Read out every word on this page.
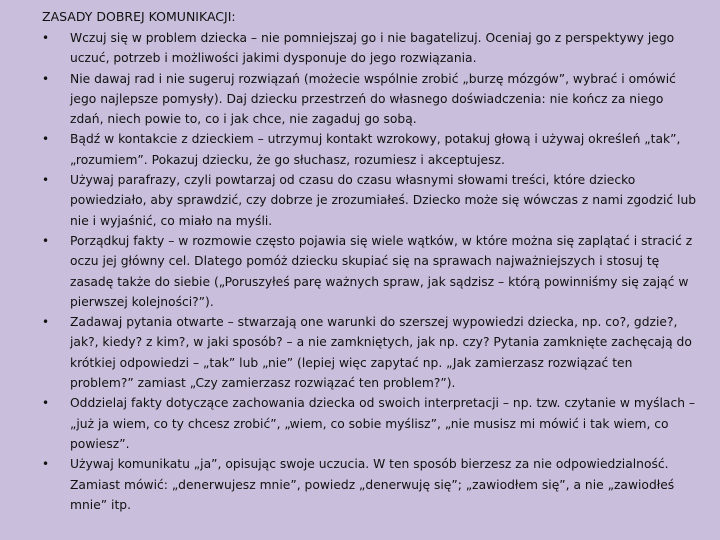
ZASADY DOBREJ KOMUNIKACJI:
• Wczuj się w problem dziecka – nie pomniejszaj go i nie bagatelizuj. Oceniaj go z perspektywy jego uczuć, potrzeb i możliwości jakimi dysponuje do jego rozwiązania.
• Nie dawaj rad i nie sugeruj rozwiązań (możecie wspólnie zrobić „burzę mózgów”, wybrać i omówić jego najlepsze pomysły). Daj dziecku przestrzeń do własnego doświadczenia: nie kończ za niego zdań, niech powie to, co i jak chce, nie zagaduj go sobą.
• Bądź w kontakcie z dzieckiem – utrzymuj kontakt wzrokowy, potakuj głową i używaj określeń „tak”, „rozumiem”. Pokazuj dziecku, że go słuchasz, rozumiesz i akceptujesz.
• Używaj parafrazy, czyli powtarzaj od czasu do czasu własnymi słowami treści, które dziecko powiedziało, aby sprawdzić, czy dobrze je zrozumiałeś. Dziecko może się wówczas z nami zgodzić lub nie i wyjaśnić, co miało na myśli.
• Porządkuj fakty – w rozmowie często pojawia się wiele wątków, w które można się zaplątać i stracić z oczu jej główny cel. Dlatego pomóż dziecku skupiać się na sprawach najważniejszych i stosuj tę zasadę także do siebie („Poruszyłeś parę ważnych spraw, jak sądzisz – którą powinniśmy się zająć w pierwszej kolejności?”).
• Zadawaj pytania otwarte – stwarzają one warunki do szerszej wypowiedzi dziecka, np. co?, gdzie?, jak?, kiedy? z kim?, w jaki sposób? – a nie zamkniętych, jak np. czy? Pytania zamknięte zachęcają do krótkiej odpowiedzi – „tak” lub „nie” (lepiej więc zapytać np. „Jak zamierzasz rozwiązać ten problem?” zamiast „Czy zamierzasz rozwiązać ten problem?”).
• Oddzielaj fakty dotyczące zachowania dziecka od swoich interpretacji – np. tzw. czytanie w myślach – „już ja wiem, co ty chcesz zrobić”, „wiem, co sobie myślisz”, „nie musisz mi mówić i tak wiem, co powiesz”.
• Używaj komunikatu „ja”, opisując swoje uczucia. W ten sposób bierzesz za nie odpowiedzialność. Zamiast mówić: „denerwujesz mnie”, powiedz „denerwuję się”; „zawiodłem się”, a nie „zawiodłeś mnie” itp.
